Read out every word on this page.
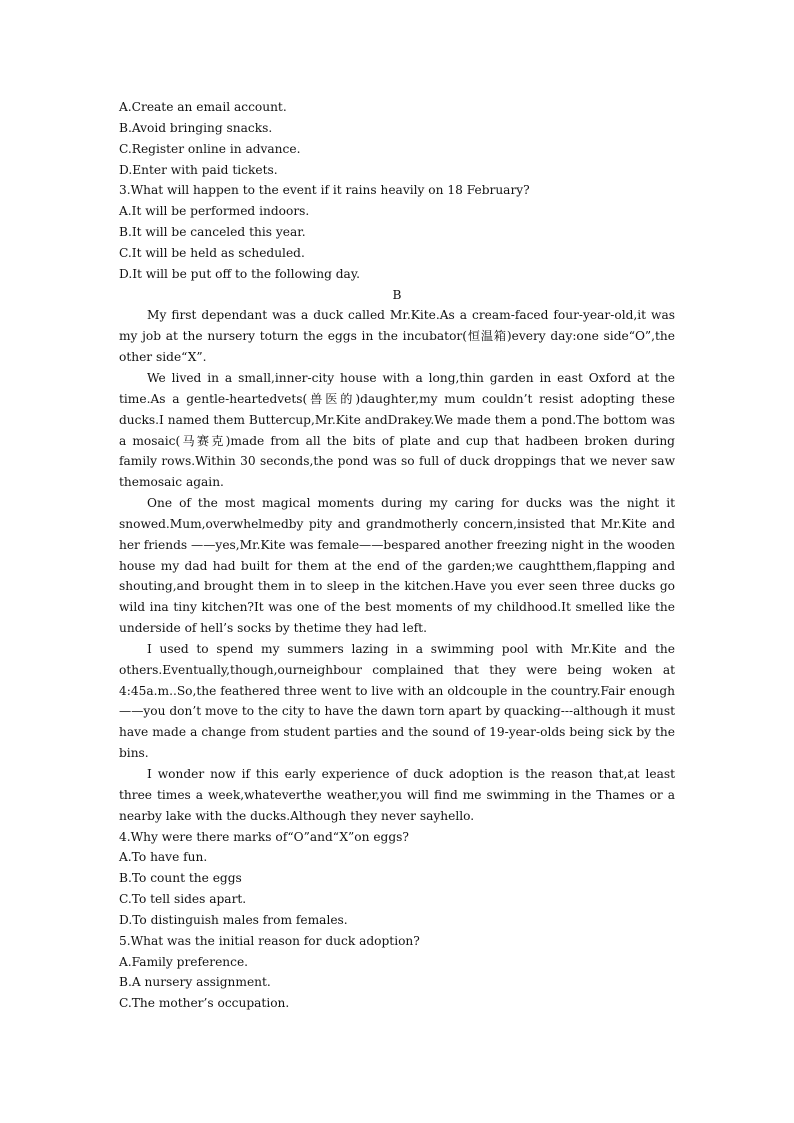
A.Create an email account.

B.Avoid bringing snacks.

C.Register online in advance.

D.Enter with paid tickets.

3.What will happen to the event if it rains heavily on 18 February?

A.It will be performed indoors.

B.It will be canceled this year.

C.It will be held as scheduled.

D.It will be put off to the following day.

B

My first dependant was a duck called Mr.Kite.As a cream-faced four-year-old,it was my job at the nursery toturn the eggs in the incubator(恒温箱)every day:one side“O”,the other side“X”.

We lived in a small,inner-city house with a long,thin garden in east Oxford at the time.As a gentle-heartedvets(兽医的)daughter,my mum couldn’t resist adopting these ducks.I named them Buttercup,Mr.Kite andDrakey.We made them a pond.The bottom was a mosaic(马赛克)made from all the bits of plate and cup that hadbeen broken during family rows.Within 30 seconds,the pond was so full of duck droppings that we never saw themosaic again.

One of the most magical moments during my caring for ducks was the night it snowed.Mum,overwhelmedby pity and grandmotherly concern,insisted that Mr.Kite and her friends ——yes,Mr.Kite was female——bespared another freezing night in the wooden house my dad had built for them at the end of the garden;we caughtthem,flapping and shouting,and brought them in to sleep in the kitchen.Have you ever seen three ducks go wild ina tiny kitchen?It was one of the best moments of my childhood.It smelled like the underside of hell’s socks by thetime they had left.

I used to spend my summers lazing in a swimming pool with Mr.Kite and the others.Eventually,though,ourneighbour complained that they were being woken at 4:45a.m..So,the feathered three went to live with an oldcouple in the country.Fair enough——you don’t move to the city to have the dawn torn apart by quacking---although it must have made a change from student parties and the sound of 19-year-olds being sick by the bins.

I wonder now if this early experience of duck adoption is the reason that,at least three times a week,whateverthe weather,you will find me swimming in the Thames or a nearby lake with the ducks.Although they never sayhello.

4.Why were there marks of“O”and“X”on eggs?

A.To have fun.

B.To count the eggs

C.To tell sides apart.

D.To distinguish males from females.

5.What was the initial reason for duck adoption?

A.Family preference.

B.A nursery assignment.

C.The mother’s occupation.
